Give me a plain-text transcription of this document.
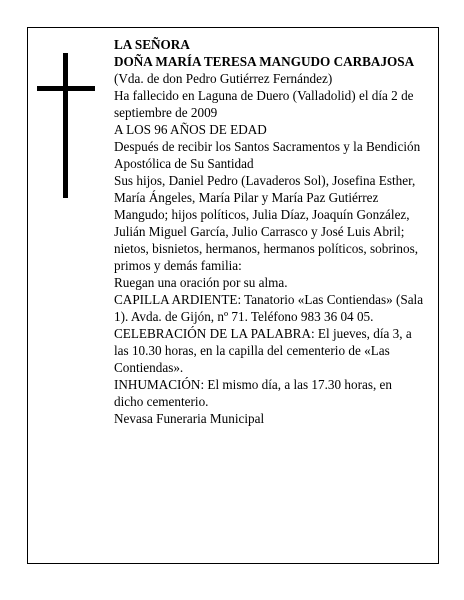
LA SEÑORA

DOÑA MARÍA TERESA MANGUDO CARBAJOSA

(Vda. de don Pedro Gutiérrez Fernández)

Ha fallecido en Laguna de Duero (Valladolid) el día 2 de septiembre de 2009

A LOS 96 AÑOS DE EDAD

Después de recibir los Santos Sacramentos y la Bendición Apostólica de Su Santidad

Sus hijos, Daniel Pedro (Lavaderos Sol), Josefina Esther, María Ángeles, María Pilar y María Paz Gutiérrez Mangudo; hijos políticos, Julia Díaz, Joaquín González, Julián Miguel García, Julio Carrasco y José Luis Abril; nietos, bisnietos, hermanos, hermanos políticos, sobrinos, primos y demás familia:

Ruegan una oración por su alma.

CAPILLA ARDIENTE: Tanatorio «Las Contiendas» (Sala 1). Avda. de Gijón, nº 71. Teléfono 983 36 04 05.

CELEBRACIÓN DE LA PALABRA: El jueves, día 3, a las 10.30 horas, en la capilla del cementerio de «Las Contiendas».

INHUMACIÓN: El mismo día, a las 17.30 horas, en dicho cementerio.

Nevasa Funeraria Municipal
